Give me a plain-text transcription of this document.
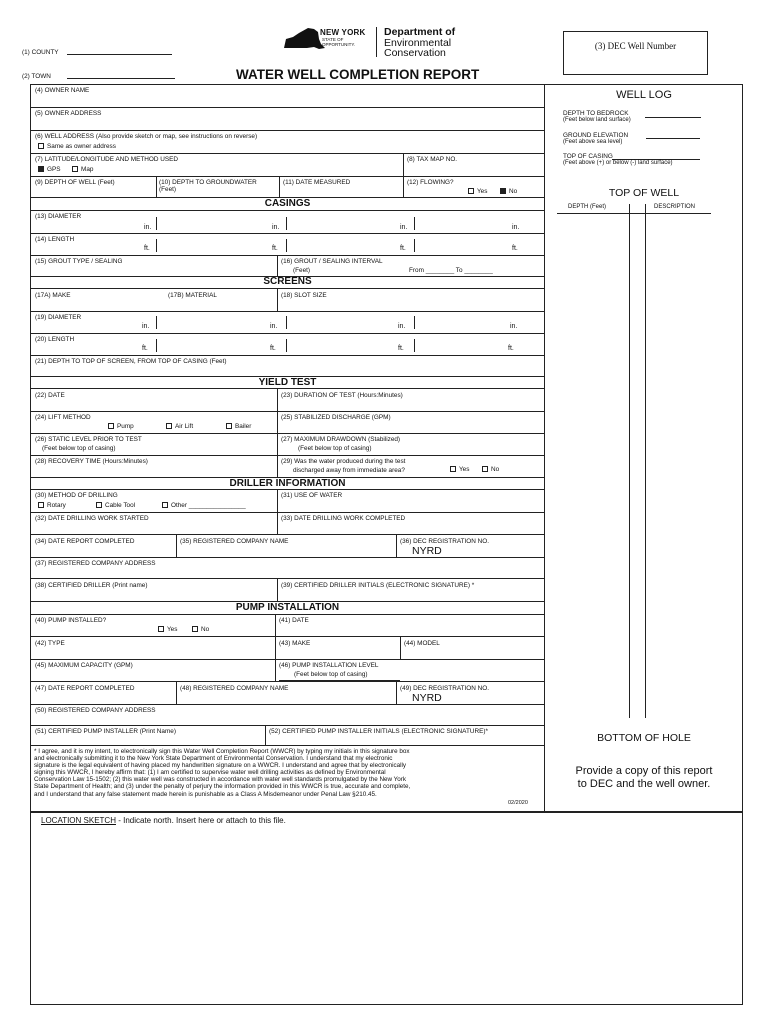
(1) COUNTY
(2) TOWN
NEW YORK
STATE OF
OPPORTUNITY.
Department of
Environmental
Conservation
WATER WELL COMPLETION REPORT
(3) DEC Well Number
(4) OWNER NAME
(5) OWNER ADDRESS
(6) WELL ADDRESS (Also provide sketch or map, see instructions on reverse)
Same as owner address
(7) LATITUDE/LONGITUDE AND METHOD USED
GPS	Map
(8) TAX MAP NO.
(9) DEPTH OF WELL (Feet)	(10) DEPTH TO GROUNDWATER
(Feet)
(11) DATE MEASURED	(12) FLOWING?
Yes	No
CASINGS
(13) DIAMETER
in.	in.	in.	in.
(14) LENGTH
ft.	ft.	ft.	ft.
(15) GROUT TYPE / SEALING	(16) GROUT / SEALING INTERVAL
(Feet)	From ________ To ________
SCREENS
(17A) MAKE	(17B) MATERIAL	(18) SLOT SIZE
(19) DIAMETER
in.	in.	in.	in.
(20) LENGTH
ft.	ft.	ft.	ft.
(21) DEPTH TO TOP OF SCREEN, FROM TOP OF CASING (Feet)
YIELD TEST
(22) DATE	(23) DURATION OF TEST (Hours:Minutes)
(24) LIFT METHOD
Pump	Air Lift	Bailer
(25) STABILIZED DISCHARGE (GPM)
(26) STATIC LEVEL PRIOR TO TEST
(Feet below top of casing)
(27) MAXIMUM DRAWDOWN (Stabilized)
(Feet below top of casing)
(28) RECOVERY TIME (Hours:Minutes)	(29) Was the water produced during the test
discharged away from immediate area?	Yes	No
DRILLER INFORMATION
(30) METHOD OF DRILLING
Rotary	Cable Tool	Other ________________
(31) USE OF WATER
(32) DATE DRILLING WORK STARTED	(33) DATE DRILLING WORK COMPLETED
(34) DATE REPORT COMPLETED	(35) REGISTERED COMPANY NAME	(36) DEC REGISTRATION NO.
NYRD
(37) REGISTERED COMPANY ADDRESS
(38) CERTIFIED DRILLER (Print name)	(39) CERTIFIED DRILLER INITIALS (ELECTRONIC SIGNATURE) *
PUMP INSTALLATION
(40) PUMP INSTALLED?
Yes	No
(41) DATE
(42) TYPE	(43) MAKE	(44) MODEL
(45) MAXIMUM CAPACITY (GPM)	(46) PUMP INSTALLATION LEVEL
(Feet below top of casing)
(47) DATE REPORT COMPLETED	(48) REGISTERED COMPANY NAME	(49) DEC REGISTRATION NO.
NYRD
(50) REGISTERED COMPANY ADDRESS
(51) CERTIFIED PUMP INSTALLER (Print Name)	(52) CERTIFIED PUMP INSTALLER INITIALS (ELECTRONIC SIGNATURE)*
* I agree, and it is my intent, to electronically sign this Water Well Completion Report (WWCR) by typing my initials in this signature box
and electronically submitting it to the New York State Department of Environmental Conservation. I understand that my electronic
signature is the legal equivalent of having placed my handwritten signature on a WWCR. I understand and agree that by electronically
signing this WWCR, I hereby affirm that: (1) I am certified to supervise water well drilling activities as defined by Environmental
Conservation Law 15-1502; (2) this water well was constructed in accordance with water well standards promulgated by the New York
State Department of Health; and (3) under the penalty of perjury the information provided in this WWCR is true, accurate and complete,
and I understand that any false statement made herein is punishable as a Class A Misdemeanor under Penal Law §210.45.
02/2020
LOCATION SKETCH - Indicate north. Insert here or attach to this file.
WELL LOG
DEPTH TO BEDROCK
(Feet below land surface)
GROUND ELEVATION
(Feet above sea level)
TOP OF CASING
(Feet above (+) or below (-) land surface)
TOP OF WELL
DEPTH (Feet)	DESCRIPTION
BOTTOM OF HOLE
Provide a copy of this report
to DEC and the well owner.
